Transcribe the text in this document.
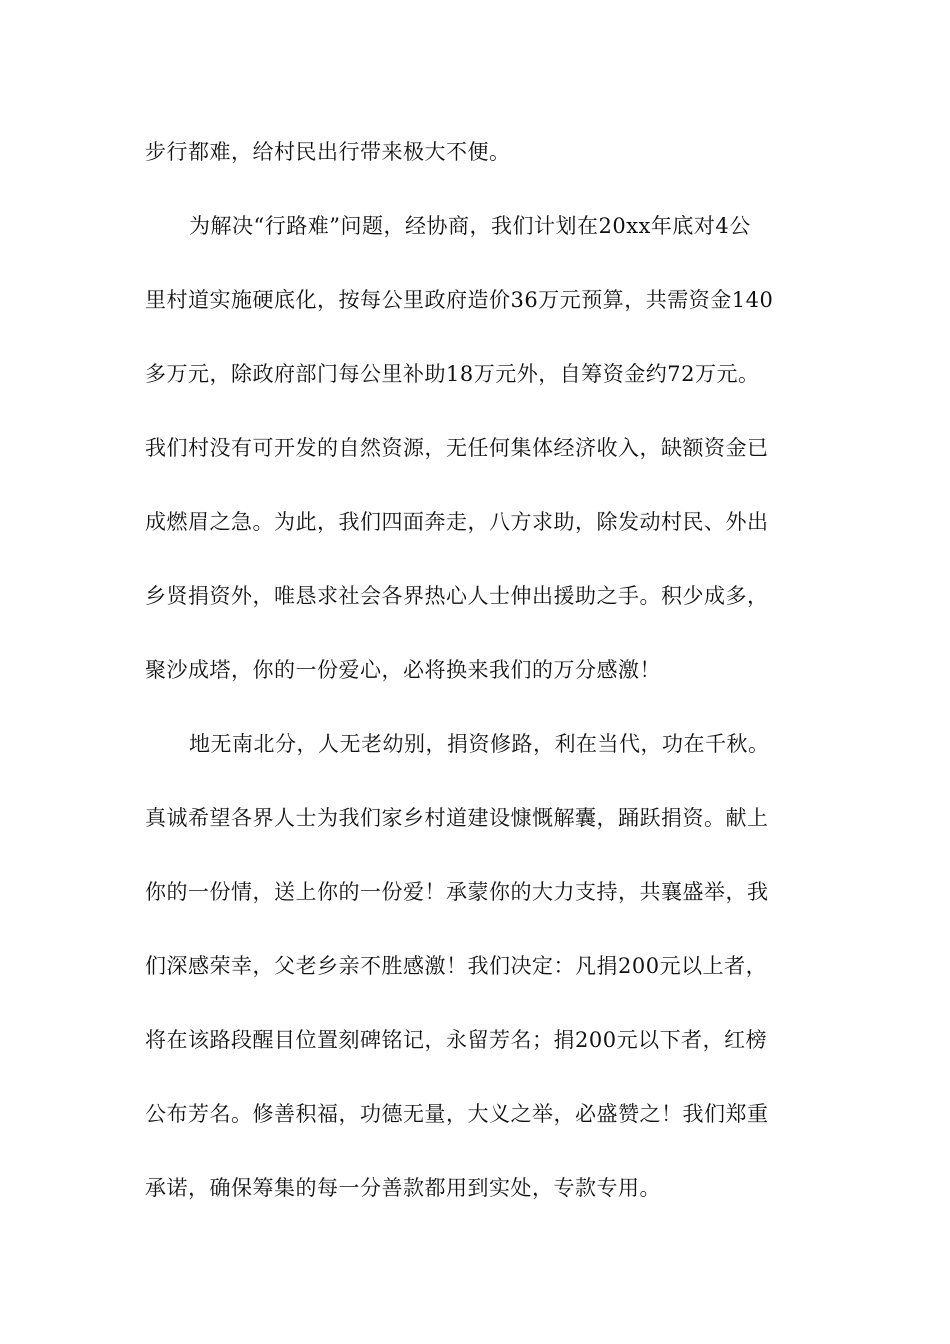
步行都难，给村民出行带来极大不便。
为解决“行路难”问题，经协商，我们计划在20xx年底对4公
里村道实施硬底化，按每公里政府造价36万元预算，共需资金140
多万元，除政府部门每公里补助18万元外，自筹资金约72万元。
我们村没有可开发的自然资源，无任何集体经济收入，缺额资金已
成燃眉之急。为此，我们四面奔走，八方求助，除发动村民、外出
乡贤捐资外，唯恳求社会各界热心人士伸出援助之手。积少成多，
聚沙成塔，你的一份爱心，必将换来我们的万分感激！
地无南北分，人无老幼别，捐资修路，利在当代，功在千秋。
真诚希望各界人士为我们家乡村道建设慷慨解囊，踊跃捐资。献上
你的一份情，送上你的一份爱！承蒙你的大力支持，共襄盛举，我
们深感荣幸，父老乡亲不胜感激！我们决定：凡捐200元以上者，
将在该路段醒目位置刻碑铭记，永留芳名；捐200元以下者，红榜
公布芳名。修善积福，功德无量，大义之举，必盛赞之！我们郑重
承诺，确保筹集的每一分善款都用到实处，专款专用。
